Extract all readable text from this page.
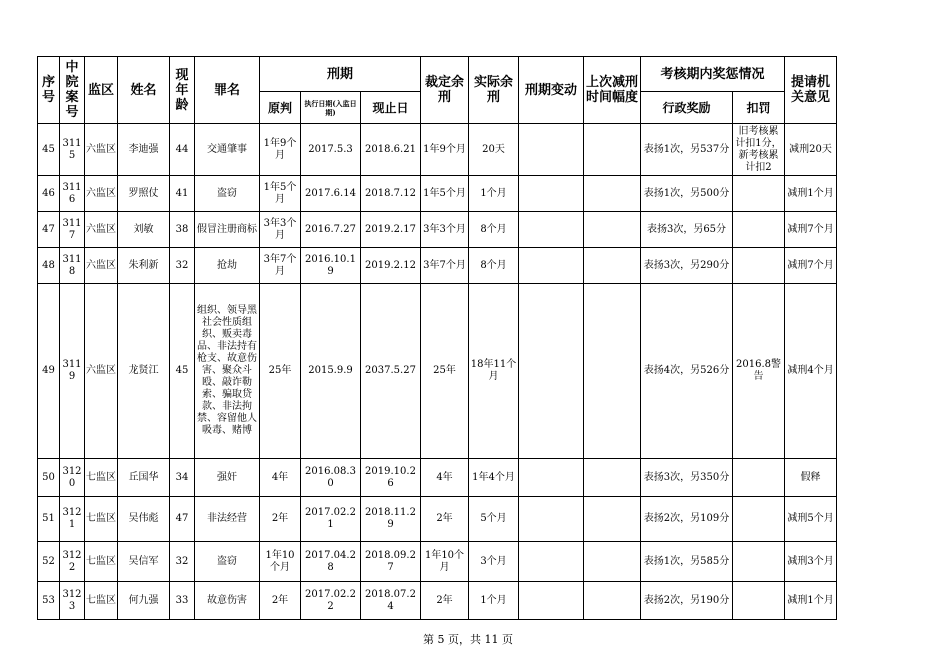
序号	中院案号	监区	姓名	现年龄	罪名	刑期			裁定余刑	实际余刑	刑期变动	上次减刑时间幅度	考核期内奖惩情况		提请机关意见
						原判	执行日期(入监日期)	现止日					行政奖励	扣罚	
45	3115	六监区	李迪强	44	交通肇事	1年9个月	2017.5.3	2018.6.21	1年9个月	20天			表扬1次，另537分	旧考核累计扣1分，新考核累计扣2	减刑20天
46	3116	六监区	罗照仗	41	盗窃	1年5个月	2017.6.14	2018.7.12	1年5个月	1个月			表扬1次，另500分		减刑1个月
47	3117	六监区	刘敏	38	假冒注册商标	3年3个月	2016.7.27	2019.2.17	3年3个月	8个月			表扬3次，另65分		减刑7个月
48	3118	六监区	朱利新	32	抢劫	3年7个月	2016.10.19	2019.2.12	3年7个月	8个月			表扬3次，另290分		减刑7个月
49	3119	六监区	龙贤江	45	组织、领导黑社会性质组织、贩卖毒品、非法持有枪支、故意伤害、聚众斗殴、敲诈勒索、骗取贷款、非法拘禁、容留他人吸毒、赌博	25年	2015.9.9	2037.5.27	25年	18年11个月			表扬4次，另526分	2016.8警告	减刑4个月
50	3120	七监区	丘国华	34	强奸	4年	2016.08.30	2019.10.26	4年	1年4个月			表扬3次，另350分		假释
51	3121	七监区	吴伟彪	47	非法经营	2年	2017.02.21	2018.11.29	2年	5个月			表扬2次，另109分		减刑5个月
52	3122	七监区	吴信军	32	盗窃	1年10个月	2017.04.28	2018.09.27	1年10个月	3个月			表扬1次，另585分		减刑3个月
53	3123	七监区	何九强	33	故意伤害	2年	2017.02.22	2018.07.24	2年	1个月			表扬2次，另190分		减刑1个月
第 5 页，共 11 页
